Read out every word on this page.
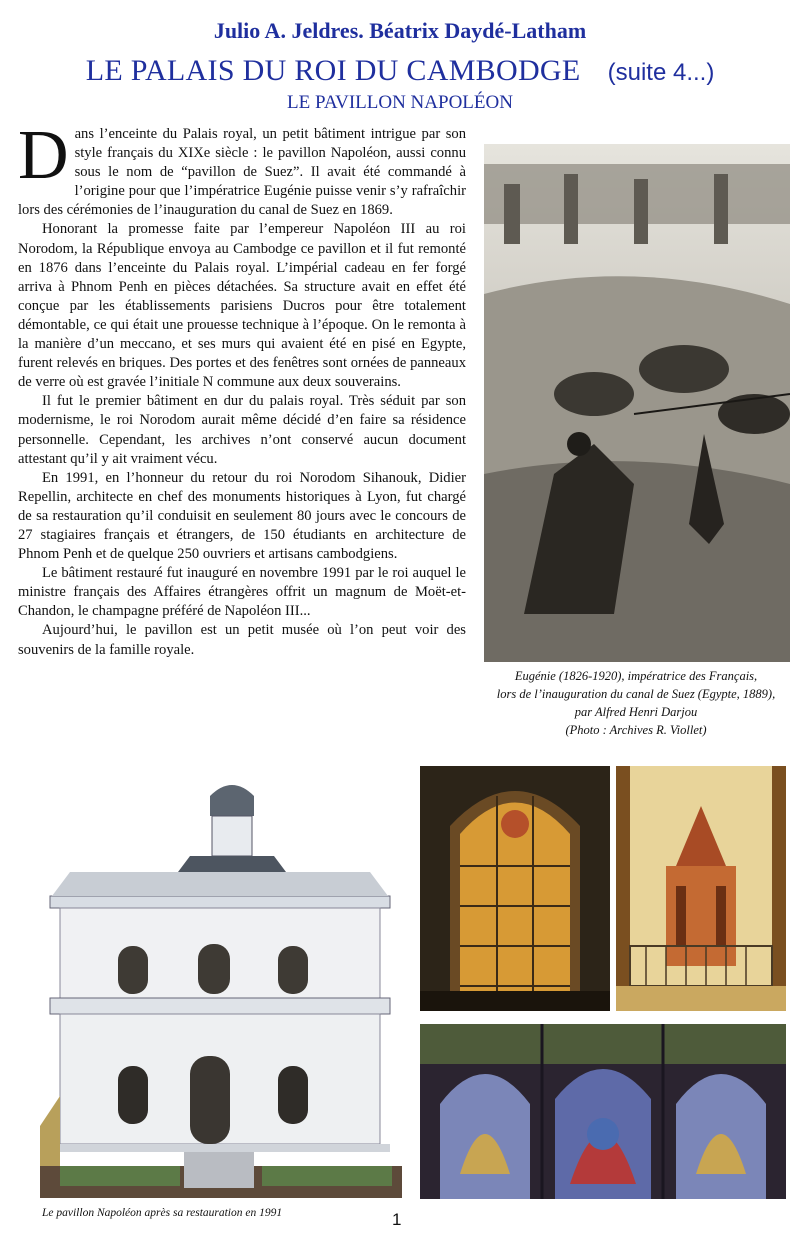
Julio A. Jeldres. Béatrix Daydé-Latham
LE PALAIS DU ROI DU CAMBODGE (suite 4...)
LE PAVILLON NAPOLÉON

Dans l’enceinte du Palais royal, un petit bâtiment intrigue par son style français du XIXe siècle : le pavillon Napoléon, aussi connu sous le nom de “pavillon de Suez”. Il avait été commandé à l’origine pour que l’impératrice Eugénie puisse venir s’y rafraîchir lors des cérémonies de l’inauguration du canal de Suez en 1869.

Honorant la promesse faite par l’empereur Napoléon III au roi Norodom, la République envoya au Cambodge ce pavillon et il fut remonté en 1876 dans l’enceinte du Palais royal. L’impérial cadeau en fer forgé arriva à Phnom Penh en pièces détachées. Sa structure avait en effet été conçue par les établissements parisiens Ducros pour être totalement démontable, ce qui était une prouesse technique à l’époque. On le remonta à la manière d’un meccano, et ses murs qui avaient été en pisé en Egypte, furent relevés en briques. Des portes et des fenêtres sont ornées de panneaux de verre où est gravée l’initiale N commune aux deux souverains.

Il fut le premier bâtiment en dur du palais royal. Très séduit par son modernisme, le roi Norodom aurait même décidé d’en faire sa résidence personnelle. Cependant, les archives n’ont conservé aucun document attestant qu’il y ait vraiment vécu.

En 1991, en l’honneur du retour du roi Norodom Sihanouk, Didier Repellin, architecte en chef des monuments historiques à Lyon, fut chargé de sa restauration qu’il conduisit en seulement 80 jours avec le concours de 27 stagiaires français et étrangers, de 150 étudiants en architecture de Phnom Penh et de quelque 250 ouvriers et artisans cambodgiens.

Le bâtiment restauré fut inauguré en novembre 1991 par le roi auquel le ministre français des Affaires étrangères offrit un magnum de Moët-et-Chandon, le champagne préféré de Napoléon III...

Aujourd’hui, le pavillon est un petit musée où l’on peut voir des souvenirs de la famille royale.

Eugénie (1826-1920), impératrice des Français,
lors de l’inauguration du canal de Suez (Egypte, 1889),
par Alfred Henri Darjou
(Photo : Archives R. Viollet)
Le pavillon Napoléon après sa restauration en 1991	1
